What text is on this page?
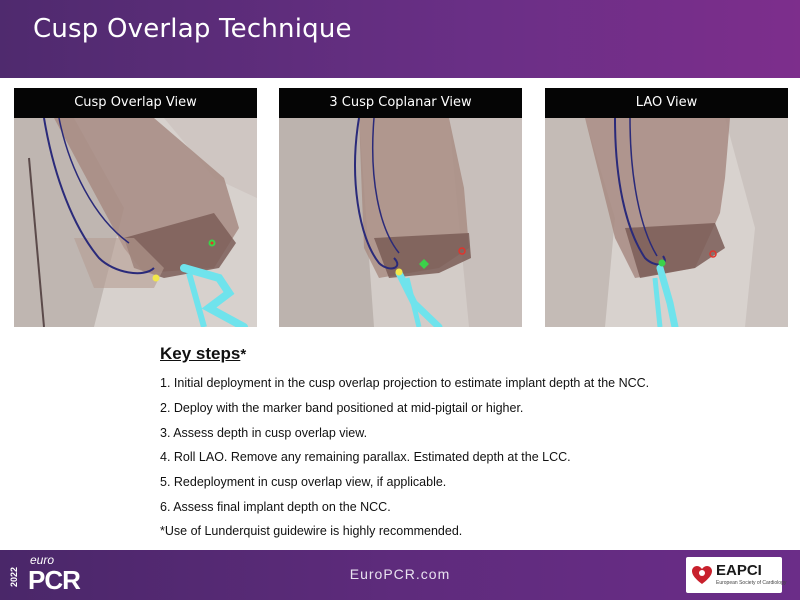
Cusp Overlap Technique
Cusp Overlap View	3 Cusp Coplanar View	LAO View
Key steps*
1. Initial deployment in the cusp overlap projection to estimate implant depth at the NCC.
2. Deploy with the marker band positioned at mid-pigtail or higher.
3. Assess depth in cusp overlap view.
4. Roll LAO. Remove any remaining parallax. Estimated depth at the LCC.
5. Redeployment in cusp overlap view, if applicable.
6. Assess final implant depth on the NCC.
*Use of Lunderquist guidewire is highly recommended.
2022
euro
PCR	EuroPCR.com	EAPCI
European Society of Cardiology
